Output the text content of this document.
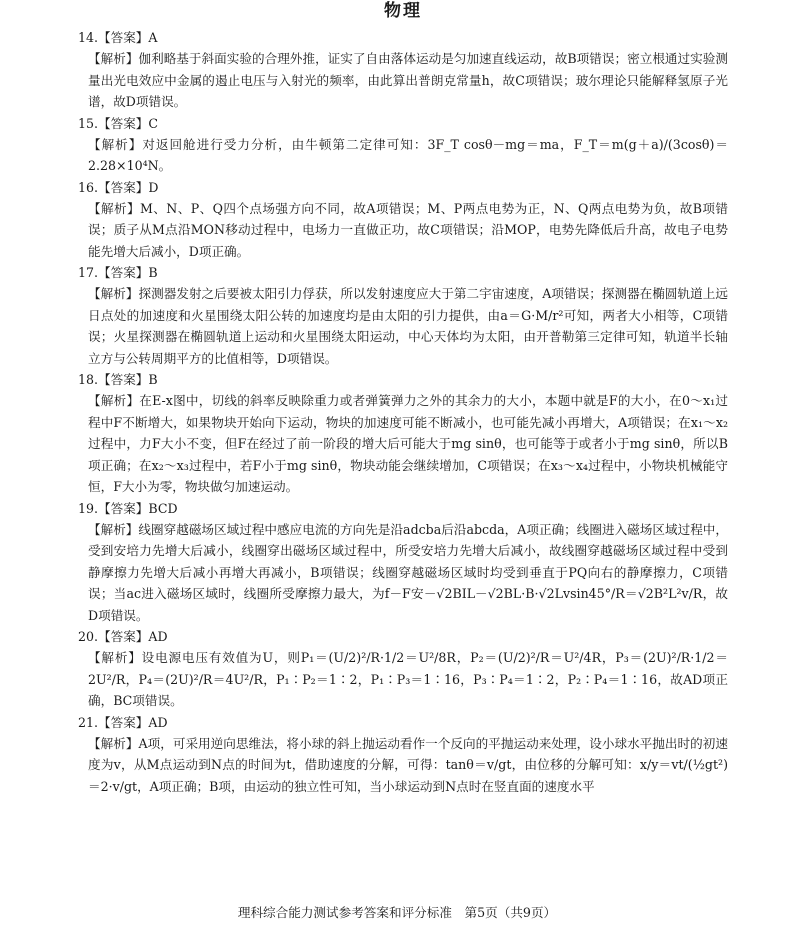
物理

14.【答案】A

【解析】伽利略基于斜面实验的合理外推，证实了自由落体运动是匀加速直线运动，故B项错误；密立根通过实验测量出光电效应中金属的遏止电压与入射光的频率，由此算出普朗克常量h，故C项错误；玻尔理论只能解释氢原子光谱，故D项错误。

15.【答案】C

【解析】对返回舱进行受力分析，由牛顿第二定律可知：3F_T cosθ－mg＝ma，F_T＝m(g＋a)/(3cosθ)＝2.28×10⁴N。

16.【答案】D

【解析】M、N、P、Q四个点场强方向不同，故A项错误；M、P两点电势为正，N、Q两点电势为负，故B项错误；质子从M点沿MON移动过程中，电场力一直做正功，故C项错误；沿MOP，电势先降低后升高，故电子电势能先增大后减小，D项正确。

17.【答案】B

【解析】探测器发射之后要被太阳引力俘获，所以发射速度应大于第二宇宙速度，A项错误；探测器在椭圆轨道上远日点处的加速度和火星围绕太阳公转的加速度均是由太阳的引力提供，由a＝G·M/r²可知，两者大小相等，C项错误；火星探测器在椭圆轨道上运动和火星围绕太阳运动，中心天体均为太阳，由开普勒第三定律可知，轨道半长轴立方与公转周期平方的比值相等，D项错误。

18.【答案】B

【解析】在E-x图中，切线的斜率反映除重力或者弹簧弹力之外的其余力的大小，本题中就是F的大小，在0～x₁过程中F不断增大，如果物块开始向下运动，物块的加速度可能不断减小，也可能先减小再增大，A项错误；在x₁～x₂过程中，力F大小不变，但F在经过了前一阶段的增大后可能大于mg sinθ，也可能等于或者小于mg sinθ，所以B项正确；在x₂～x₃过程中，若F小于mg sinθ，物块动能会继续增加，C项错误；在x₃～x₄过程中，小物块机械能守恒，F大小为零，物块做匀加速运动。

19.【答案】BCD

【解析】线圈穿越磁场区域过程中感应电流的方向先是沿adcba后沿abcda，A项正确；线圈进入磁场区域过程中，受到安培力先增大后减小，线圈穿出磁场区域过程中，所受安培力先增大后减小，故线圈穿越磁场区域过程中受到静摩擦力先增大后减小再增大再减小，B项错误；线圈穿越磁场区域时均受到垂直于PQ向右的静摩擦力，C项错误；当ac进入磁场区域时，线圈所受摩擦力最大，为f－F安－√2BIL－√2BL·B·√2Lvsin45°/R＝√2B²L²v/R，故D项错误。

20.【答案】AD

【解析】设电源电压有效值为U，则P₁＝(U/2)²/R·1/2＝U²/8R，P₂＝(U/2)²/R＝U²/4R，P₃＝(2U)²/R·1/2＝2U²/R，P₄＝(2U)²/R＝4U²/R，P₁∶P₂＝1∶2，P₁∶P₃＝1∶16，P₃∶P₄＝1∶2，P₂∶P₄＝1∶16，故AD项正确，BC项错误。

21.【答案】AD

【解析】A项，可采用逆向思维法，将小球的斜上抛运动看作一个反向的平抛运动来处理，设小球水平抛出时的初速度为v，从M点运动到N点的时间为t，借助速度的分解，可得：tanθ＝v/gt，由位移的分解可知：x/y＝vt/(½gt²)＝2·v/gt，A项正确；B项，由运动的独立性可知，当小球运动到N点时在竖直面的速度水平

理科综合能力测试参考答案和评分标准　第5页（共9页）
